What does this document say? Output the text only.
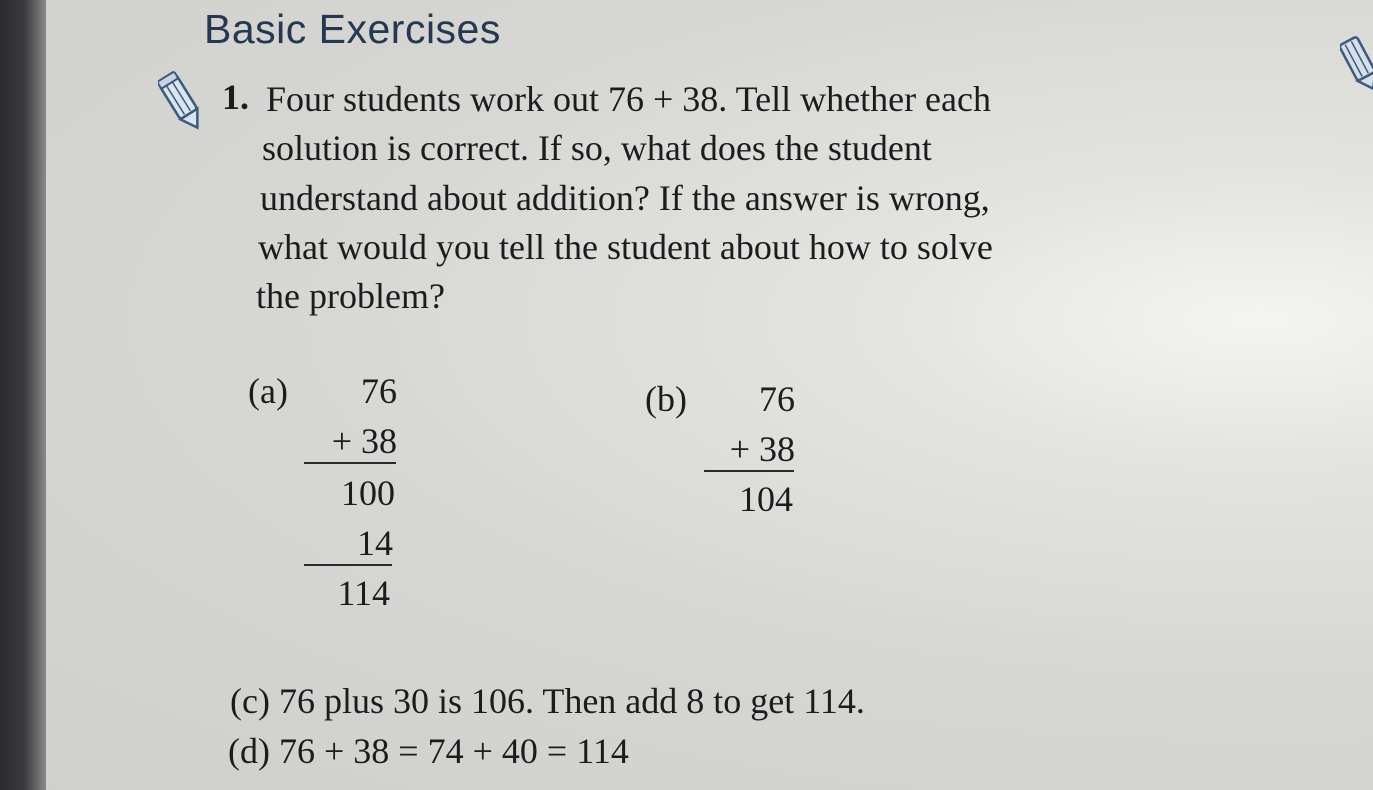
Basic Exercises
1. Four students work out 76 + 38. Tell whether each
solution is correct. If so, what does the student
understand about addition? If the answer is wrong,
what would you tell the student about how to solve
the problem?
(a)	76
+ 38
100
14
114
(b)	76
+ 38
104
(c) 76 plus 30 is 106. Then add 8 to get 114.
(d) 76 + 38 = 74 + 40 = 114
